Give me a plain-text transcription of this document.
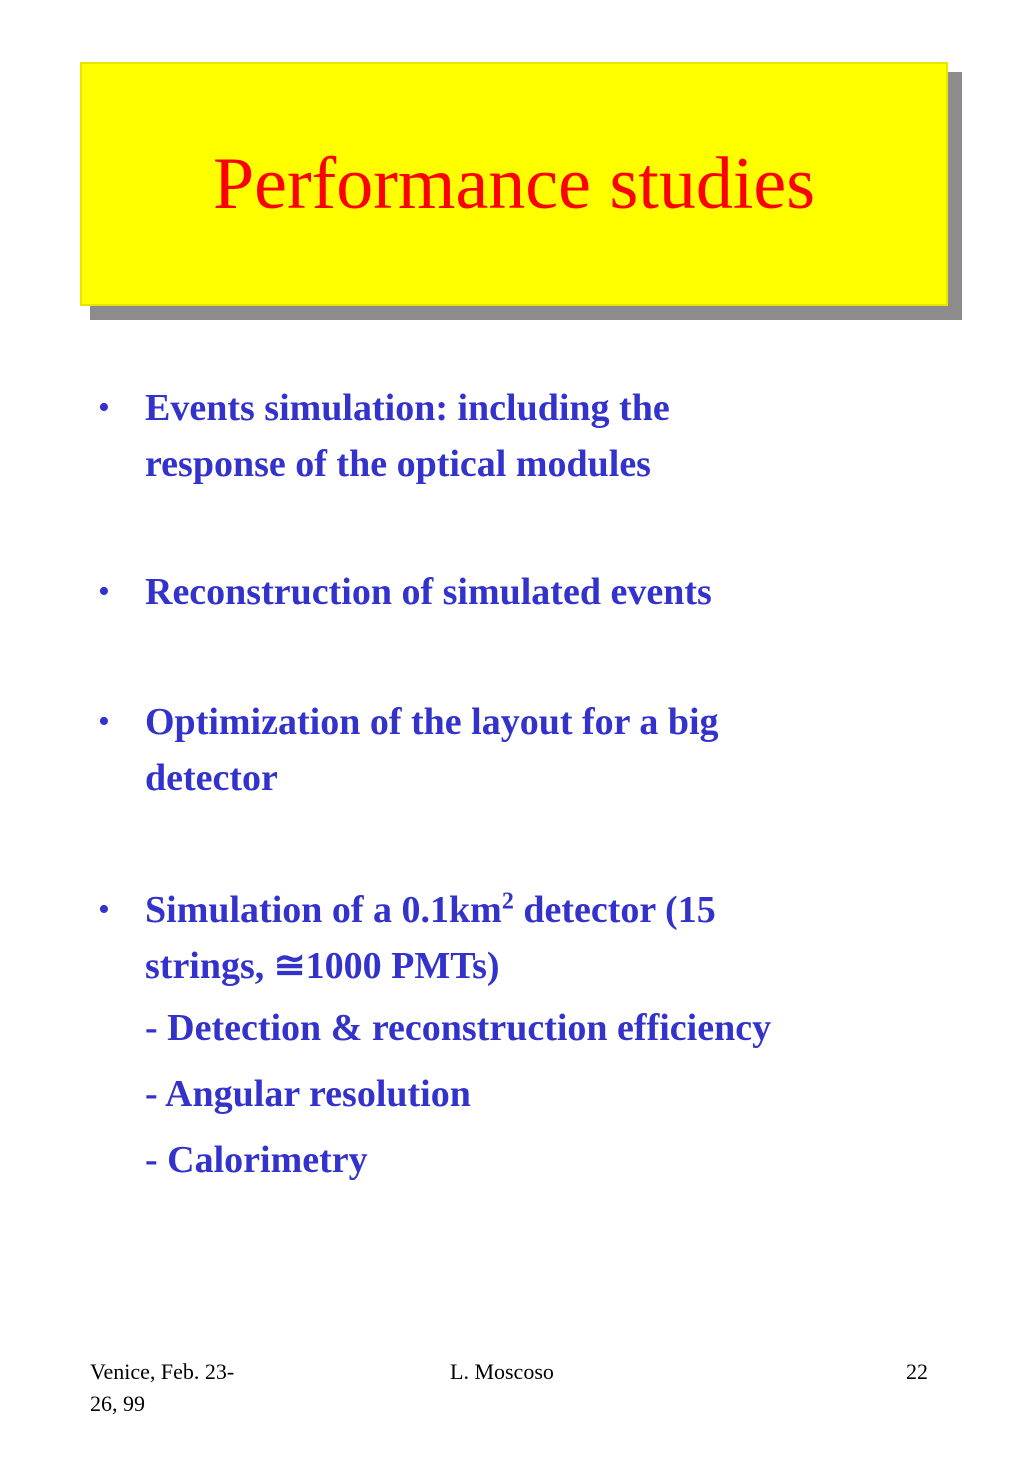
Performance studies
• Events simulation: including the
response of the optical modules
• Reconstruction of simulated events
• Optimization of the layout for a big
detector
• Simulation of a $0.1km^2$ detector (15
strings, ≅1000 PMTs)
- Detection & reconstruction efficiency
- Angular resolution
- Calorimetry
Venice, Feb. 23-
26, 99
L. Moscoso	22
